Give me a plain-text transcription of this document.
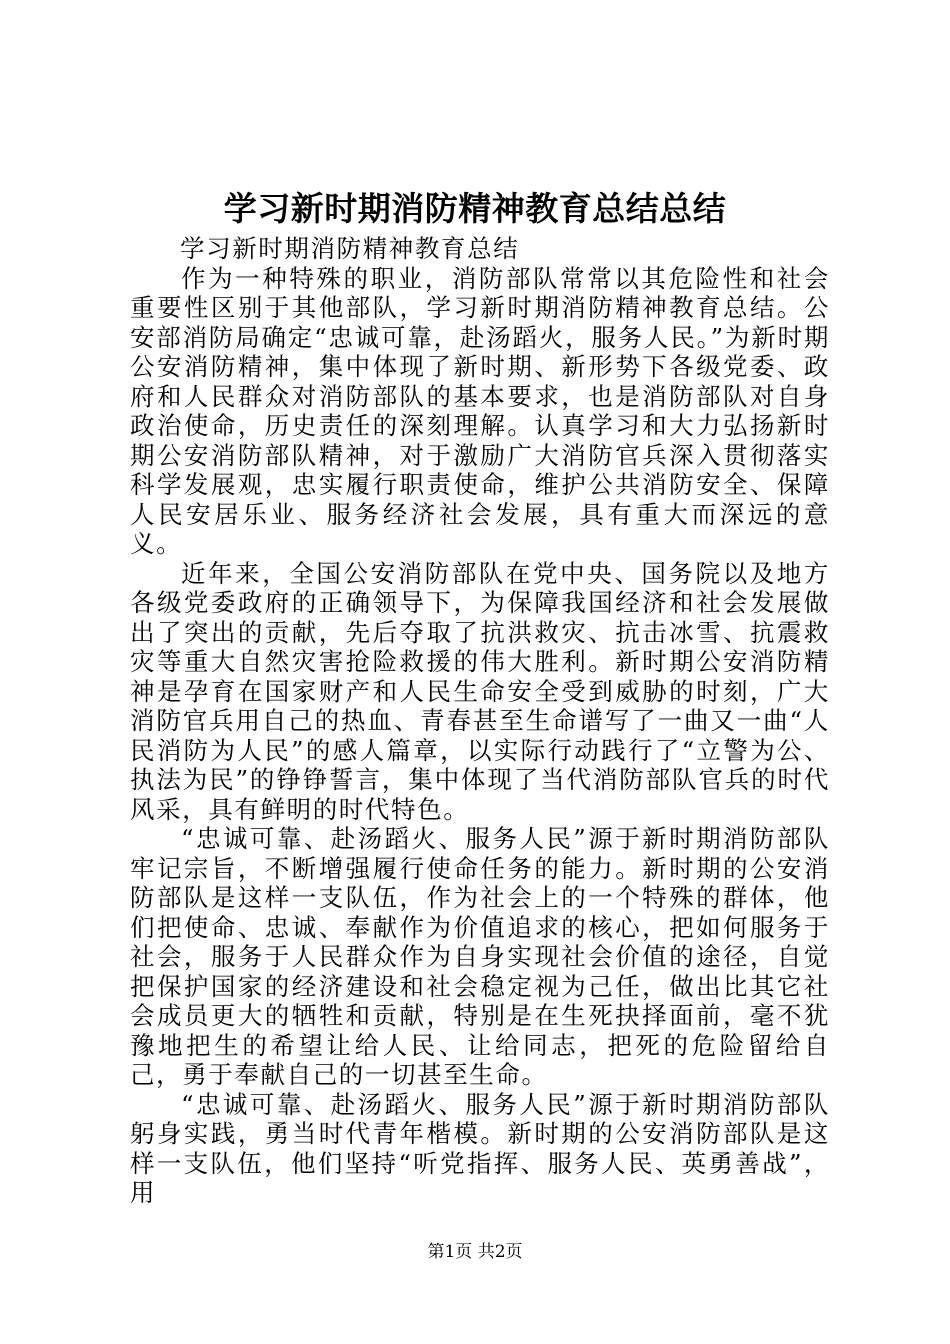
学习新时期消防精神教育总结总结

学习新时期消防精神教育总结

作为一种特殊的职业，消防部队常常以其危险性和社会重要性区别于其他部队，学习新时期消防精神教育总结。公安部消防局确定“忠诚可靠，赴汤蹈火，服务人民。”为新时期公安消防精神，集中体现了新时期、新形势下各级党委、政府和人民群众对消防部队的基本要求，也是消防部队对自身政治使命，历史责任的深刻理解。认真学习和大力弘扬新时期公安消防部队精神，对于激励广大消防官兵深入贯彻落实科学发展观，忠实履行职责使命，维护公共消防安全、保障人民安居乐业、服务经济社会发展，具有重大而深远的意义。

近年来，全国公安消防部队在党中央、国务院以及地方各级党委政府的正确领导下，为保障我国经济和社会发展做出了突出的贡献，先后夺取了抗洪救灾、抗击冰雪、抗震救灾等重大自然灾害抢险救援的伟大胜利。新时期公安消防精神是孕育在国家财产和人民生命安全受到威胁的时刻，广大消防官兵用自己的热血、青春甚至生命谱写了一曲又一曲“人民消防为人民”的感人篇章，以实际行动践行了“立警为公、执法为民”的铮铮誓言，集中体现了当代消防部队官兵的时代风采，具有鲜明的时代特色。

“忠诚可靠、赴汤蹈火、服务人民”源于新时期消防部队牢记宗旨，不断增强履行使命任务的能力。新时期的公安消防部队是这样一支队伍，作为社会上的一个特殊的群体，他们把使命、忠诚、奉献作为价值追求的核心，把如何服务于社会，服务于人民群众作为自身实现社会价值的途径，自觉把保护国家的经济建设和社会稳定视为己任，做出比其它社会成员更大的牺牲和贡献，特别是在生死抉择面前，毫不犹豫地把生的希望让给人民、让给同志，把死的危险留给自己，勇于奉献自己的一切甚至生命。

“忠诚可靠、赴汤蹈火、服务人民”源于新时期消防部队躬身实践，勇当时代青年楷模。新时期的公安消防部队是这样一支队伍，他们坚持“听党指挥、服务人民、英勇善战”，用

第1页 共2页
